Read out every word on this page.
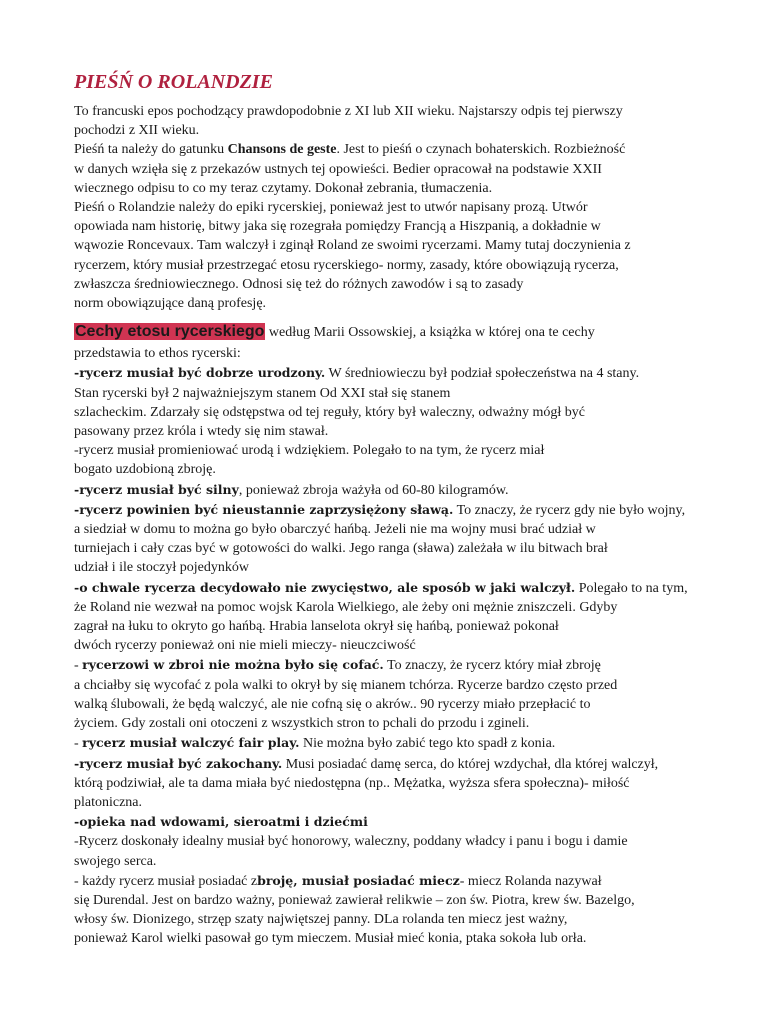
PIEŚŃ O ROLANDZIE
To francuski epos pochodzący prawdopodobnie z XI lub XII wieku. Najstarszy odpis tej pierwszy
pochodzi z XII wieku.
Pieśń ta należy do gatunku Chansons de geste. Jest to pieśń o czynach bohaterskich. Rozbieżność
w danych wzięła się z przekazów ustnych tej opowieści. Bedier opracował na podstawie XXII
wiecznego odpisu to co my teraz czytamy. Dokonał zebrania, tłumaczenia.
Pieśń o Rolandzie należy do epiki rycerskiej, ponieważ jest to utwór napisany prozą. Utwór
opowiada nam historię, bitwy jaka się rozegrała pomiędzy Francją a Hiszpanią, a dokładnie w
wąwozie Roncevaux. Tam walczył i zginął Roland ze swoimi rycerzami. Mamy tutaj doczynienia z
rycerzem, który musiał przestrzegać etosu rycerskiego- normy, zasady, które obowiązują rycerza,
zwłaszcza średniowiecznego. Odnosi się też do różnych zawodów i są to zasady
norm obowiązujące daną profesję.
Cechy etosu rycerskiego według Marii Ossowskiej, a książka w której ona te cechy
przedstawia to ethos rycerski:
-rycerz musiał być dobrze urodzony. W średniowieczu był podział społeczeństwa na 4 stany.
Stan rycerski był 2 najważniejszym stanem Od XXI stał się stanem
szlacheckim. Zdarzały się odstępstwa od tej reguły, który był waleczny, odważny mógł być
pasowany przez króla i wtedy się nim stawał.
-rycerz musiał promieniować urodą i wdziękiem. Polegało to na tym, że rycerz miał
bogato uzdobioną zbroję.
-rycerz musiał być silny, ponieważ zbroja ważyła od 60-80 kilogramów.
-rycerz powinien być nieustannie zaprzysiężony sławą. To znaczy, że rycerz gdy nie było wojny,
a siedział w domu to można go było obarczyć hańbą. Jeżeli nie ma wojny musi brać udział w
turniejach i cały czas być w gotowości do walki. Jego ranga (sława) zależała w ilu bitwach brał
udział i ile stoczył pojedynków
-o chwale rycerza decydowało nie zwycięstwo, ale sposób w jaki walczył. Polegało to na tym,
że Roland nie wezwał na pomoc wojsk Karola Wielkiego, ale żeby oni mężnie zniszczeli. Gdyby
zagrał na łuku to okryto go hańbą. Hrabia lanselota okrył się hańbą, ponieważ pokonał
dwóch rycerzy ponieważ oni nie mieli mieczy- nieuczciwość
- rycerzowi w zbroi nie można było się cofać. To znaczy, że rycerz który miał zbroję
a chciałby się wycofać z pola walki to okrył by się mianem tchórza. Rycerze bardzo często przed
walką ślubowali, że będą walczyć, ale nie cofną się o akrów.. 90 rycerzy miało przepłacić to
życiem. Gdy zostali oni otoczeni z wszystkich stron to pchali do przodu i zgineli.
- rycerz musiał walczyć fair play. Nie można było zabić tego kto spadł z konia.
-rycerz musiał być zakochany. Musi posiadać damę serca, do której wzdychał, dla której walczył,
którą podziwiał, ale ta dama miała być niedostępna (np.. Mężatka, wyższa sfera społeczna)- miłość
platoniczna.
-opieka nad wdowami, sieroatmi i dziećmi
-Rycerz doskonały idealny musiał być honorowy, waleczny, poddany władcy i panu i bogu i damie
swojego serca.
- każdy rycerz musiał posiadać zbroję, musiał posiadać miecz- miecz Rolanda nazywał
się Durendal. Jest on bardzo ważny, ponieważ zawierał relikwie – zon św. Piotra, krew św. Bazelgo,
włosy św. Dionizego, strzęp szaty najwiętszej panny. DLa rolanda ten miecz jest ważny,
ponieważ Karol wielki pasował go tym mieczem. Musiał mieć konia, ptaka sokoła lub orła.
